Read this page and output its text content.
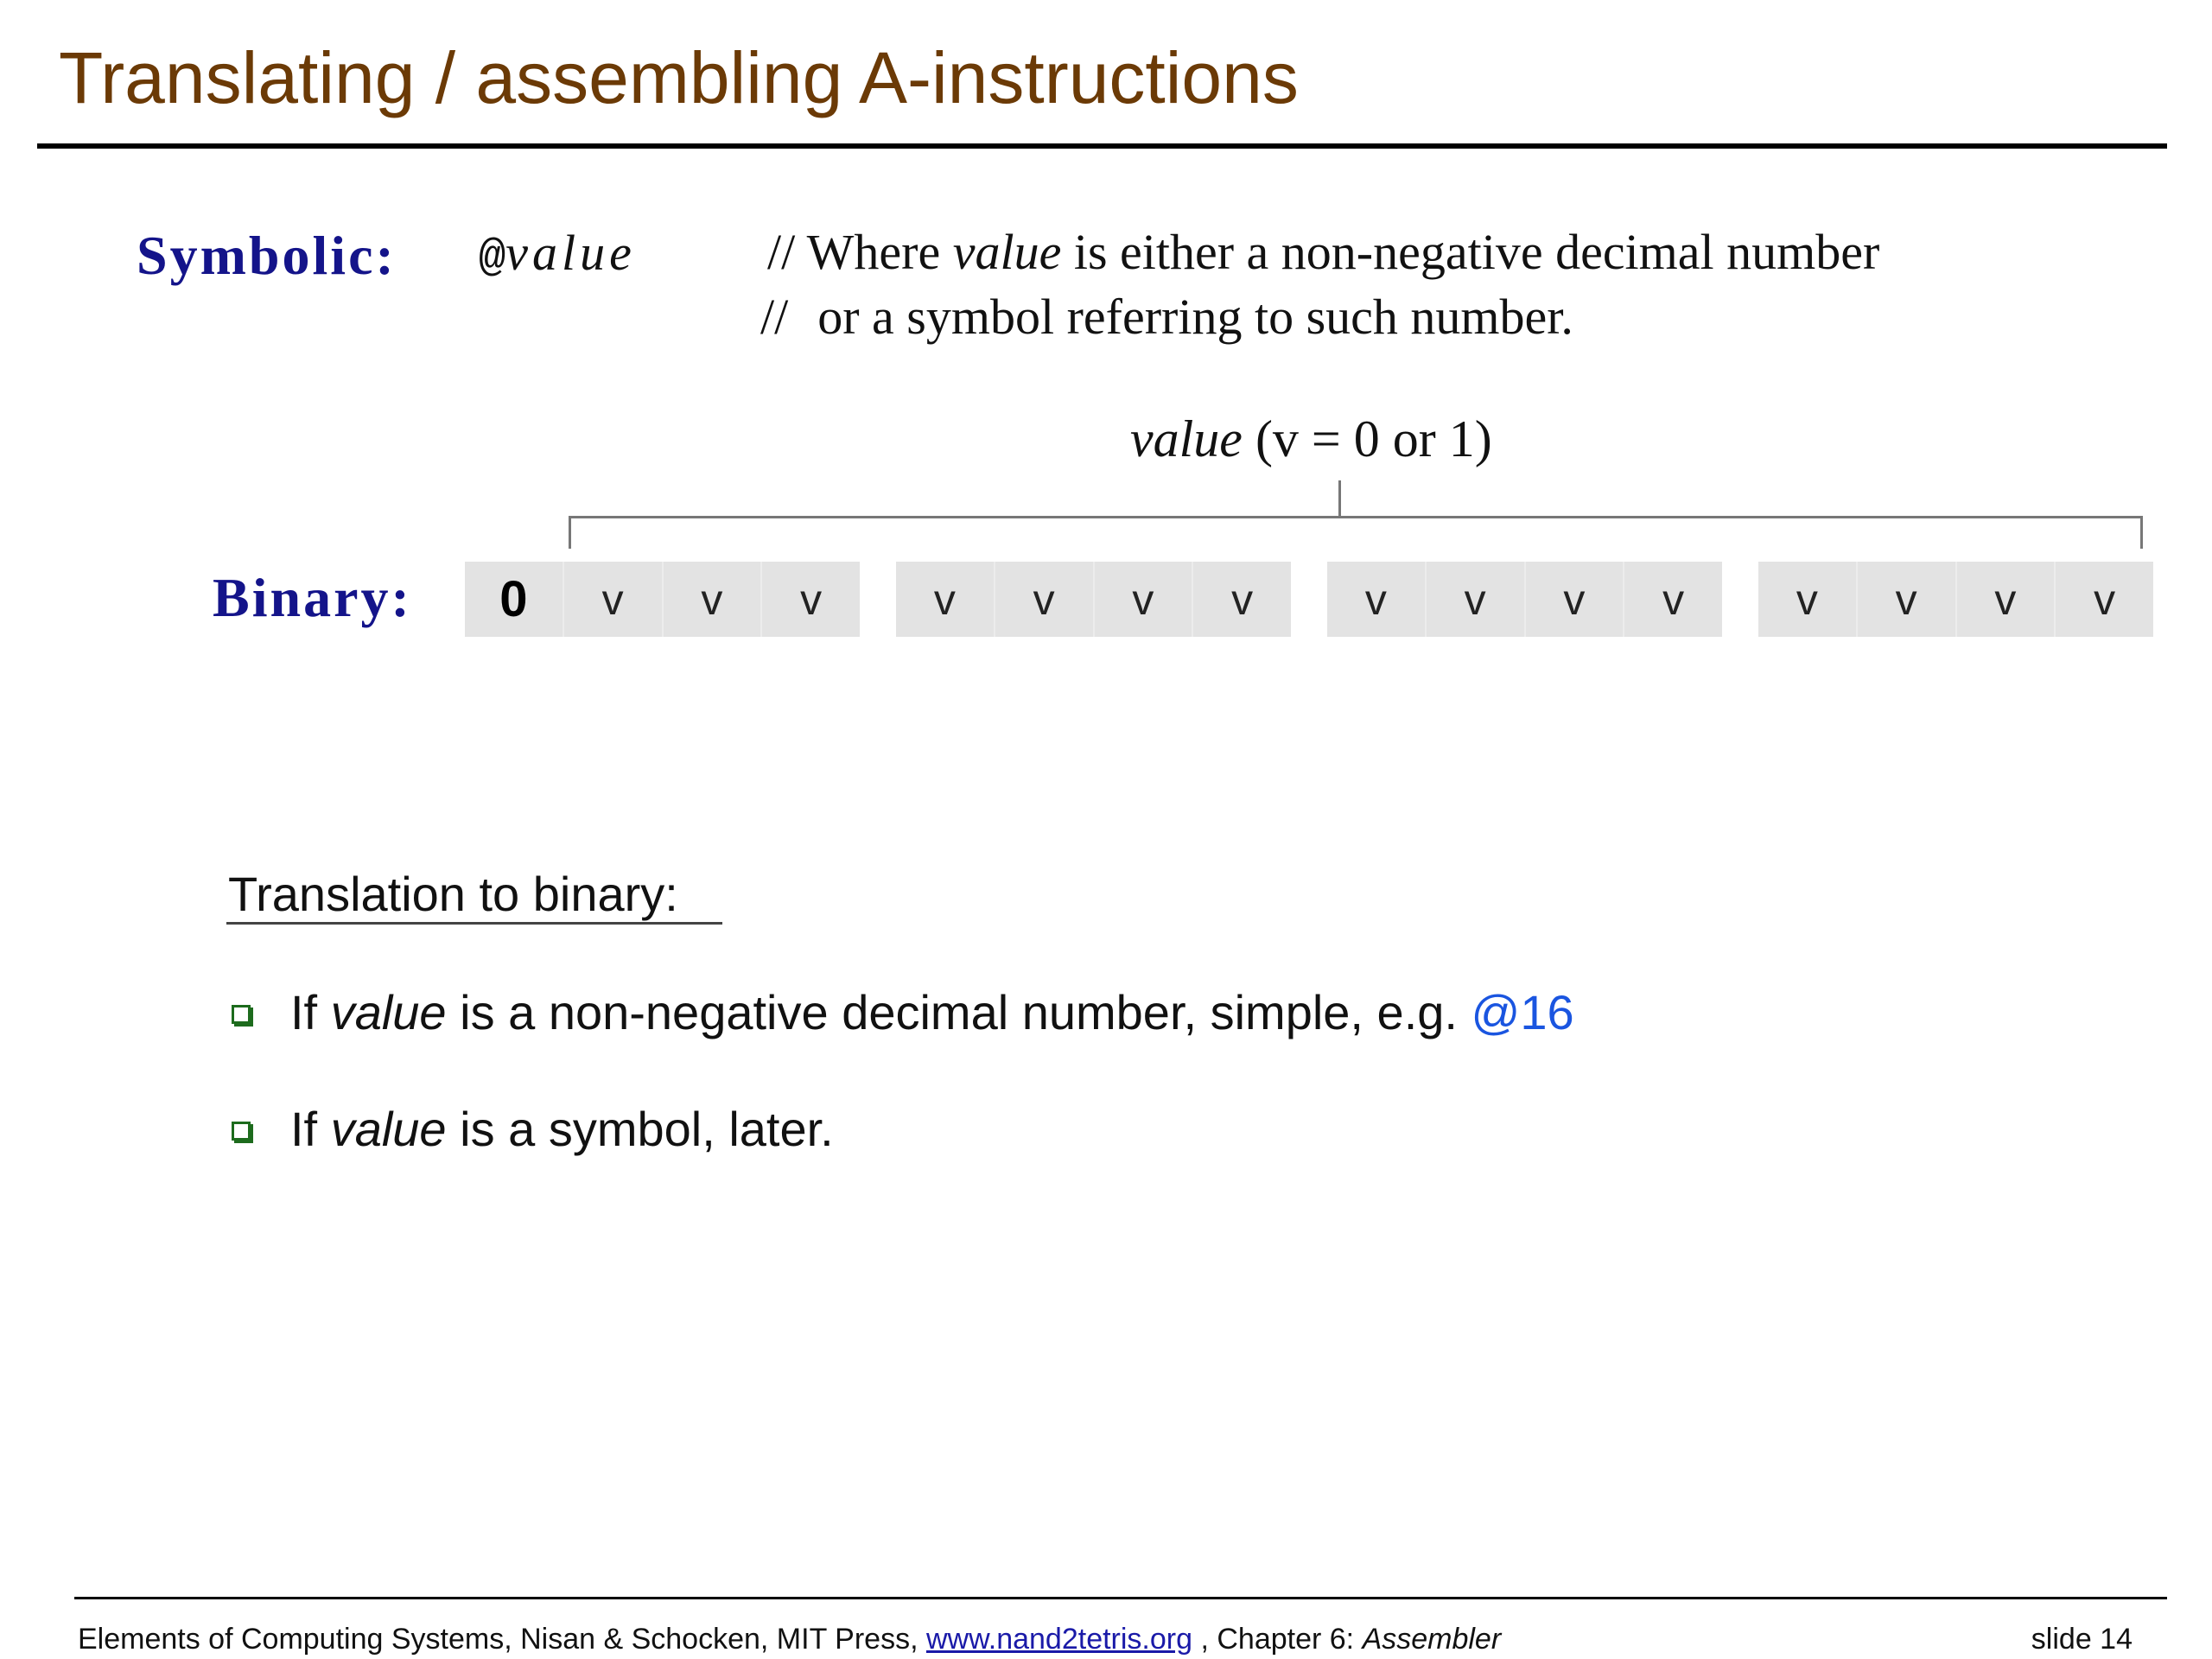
Translating / assembling A-instructions
Symbolic: @value	// Where value is either a non-negative decimal number
// or a symbol referring to such number.
value (v = 0 or 1)
Binary:	0	v	v	v	v	v	v	v	v	v	v	v	v	v	v	v
Translation to binary:
If value is a non-negative decimal number, simple, e.g. @16
If value is a symbol, later.
Elements of Computing Systems, Nisan & Schocken, MIT Press, www.nand2tetris.org , Chapter 6: Assembler	slide 14
